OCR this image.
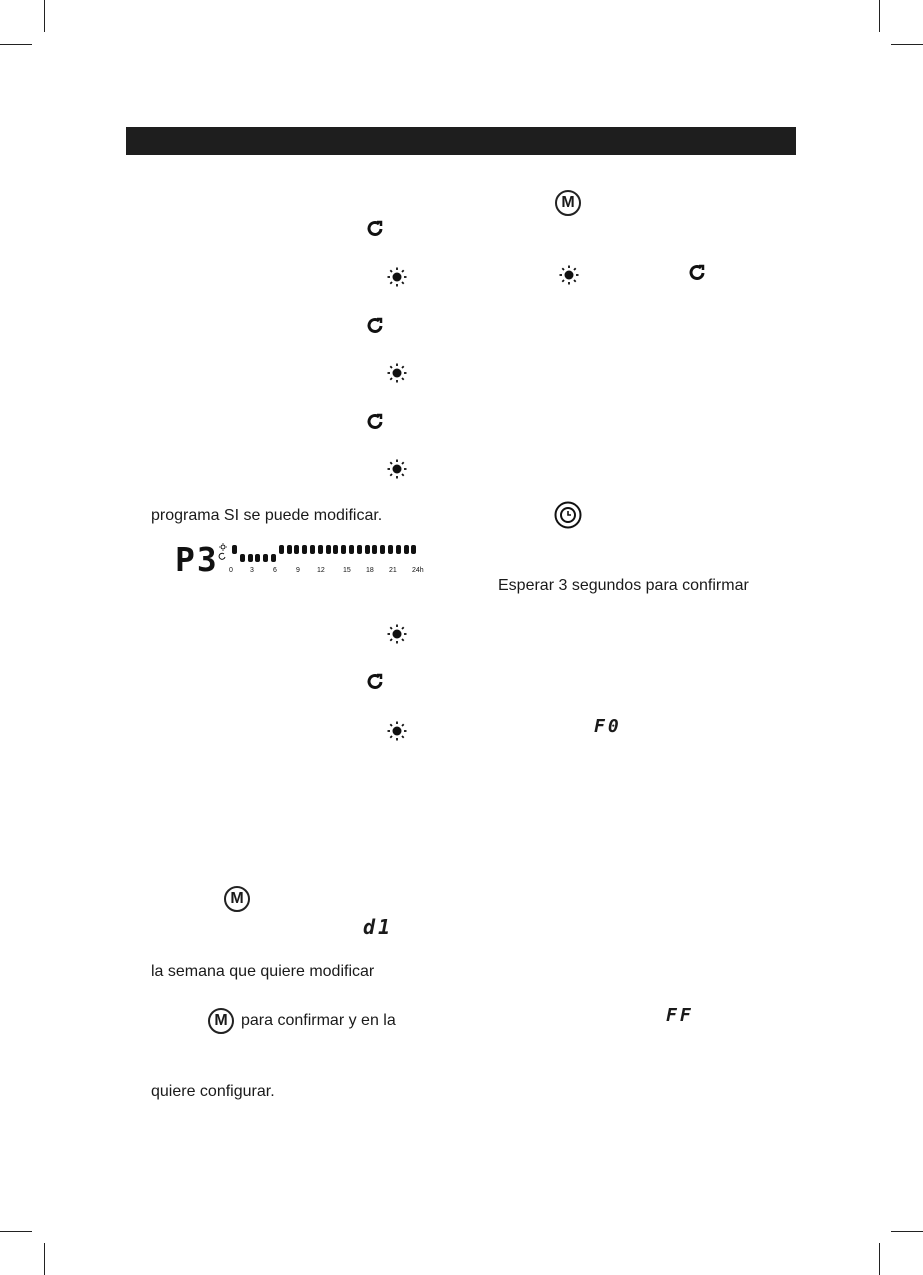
M
programa SI se puede modificar.
P3 0 3	6	9 12	15 18 21 24h
Esperar 3 segundos para confirmar
F0
M
d1
la semana que quiere modificar
M para confirmar y en la	FF
quiere configurar.
